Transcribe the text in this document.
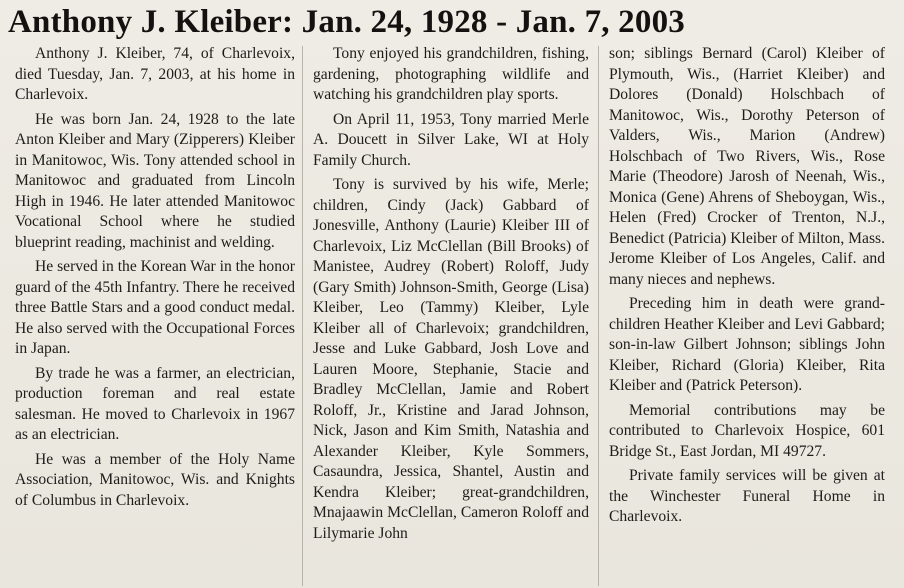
Anthony J. Kleiber: Jan. 24, 1928 - Jan. 7, 2003

Anthony J. Kleiber, 74, of Charlevoix, died Tuesday, Jan. 7, 2003, at his home in Charlevoix.

He was born Jan. 24, 1928 to the late Anton Kleiber and Mary (Zipperers) Kleiber in Manitowoc, Wis. Tony attended school in Manitowoc and graduated from Lincoln High in 1946. He later attended Manitowoc Vocational School where he studied blueprint reading, machinist and welding.

He served in the Korean War in the honor guard of the 45th Infantry. There he received three Battle Stars and a good conduct medal. He also served with the Occupational Forces in Japan.

By trade he was a farmer, an electrician, production foreman and real estate salesman. He moved to Charlevoix in 1967 as an electrician.

He was a member of the Holy Name Association, Manitowoc, Wis. and Knights of Columbus in Charlevoix.

Tony enjoyed his grandchildren, fishing, gardening, photographing wildlife and watching his grandchildren play sports.

On April 11, 1953, Tony married Merle A. Doucett in Silver Lake, WI at Holy Family Church.

Tony is survived by his wife, Merle; children, Cindy (Jack) Gabbard of Jonesville, Anthony (Laurie) Kleiber III of Charlevoix, Liz McClellan (Bill Brooks) of Manistee, Audrey (Robert) Roloff, Judy (Gary Smith) Johnson-Smith, George (Lisa) Kleiber, Leo (Tammy) Kleiber, Lyle Kleiber all of Charlevoix; grandchildren, Jesse and Luke Gabbard, Josh Love and Lauren Moore, Stephanie, Stacie and Bradley McClellan, Jamie and Robert Roloff, Jr., Kristine and Jarad Johnson, Nick, Jason and Kim Smith, Natashia and Alexander Kleiber, Kyle Sommers, Casaundra, Jessica, Shantel, Austin and Kendra Kleiber; great-grandchildren, Mnajaawin McClellan, Cameron Roloff and Lilymarie John

son; siblings Bernard (Carol) Kleiber of Plymouth, Wis., (Harriet Kleiber) and Dolores (Donald) Holschbach of Manitowoc, Wis., Dorothy Peterson of Valders, Wis., Marion (Andrew) Holschbach of Two Rivers, Wis., Rose Marie (Theodore) Jarosh of Neenah, Wis., Monica (Gene) Ahrens of Sheboygan, Wis., Helen (Fred) Crocker of Trenton, N.J., Benedict (Patricia) Kleiber of Milton, Mass. Jerome Kleiber of Los Angeles, Calif. and many nieces and nephews.

Preceding him in death were grandchildren Heather Kleiber and Levi Gabbard; son-in-law Gilbert Johnson; siblings John Kleiber, Richard (Gloria) Kleiber, Rita Kleiber and (Patrick Peterson).

Memorial contributions may be contributed to Charlevoix Hospice, 601 Bridge St., East Jordan, MI 49727.

Private family services will be given at the Winchester Funeral Home in Charlevoix.
